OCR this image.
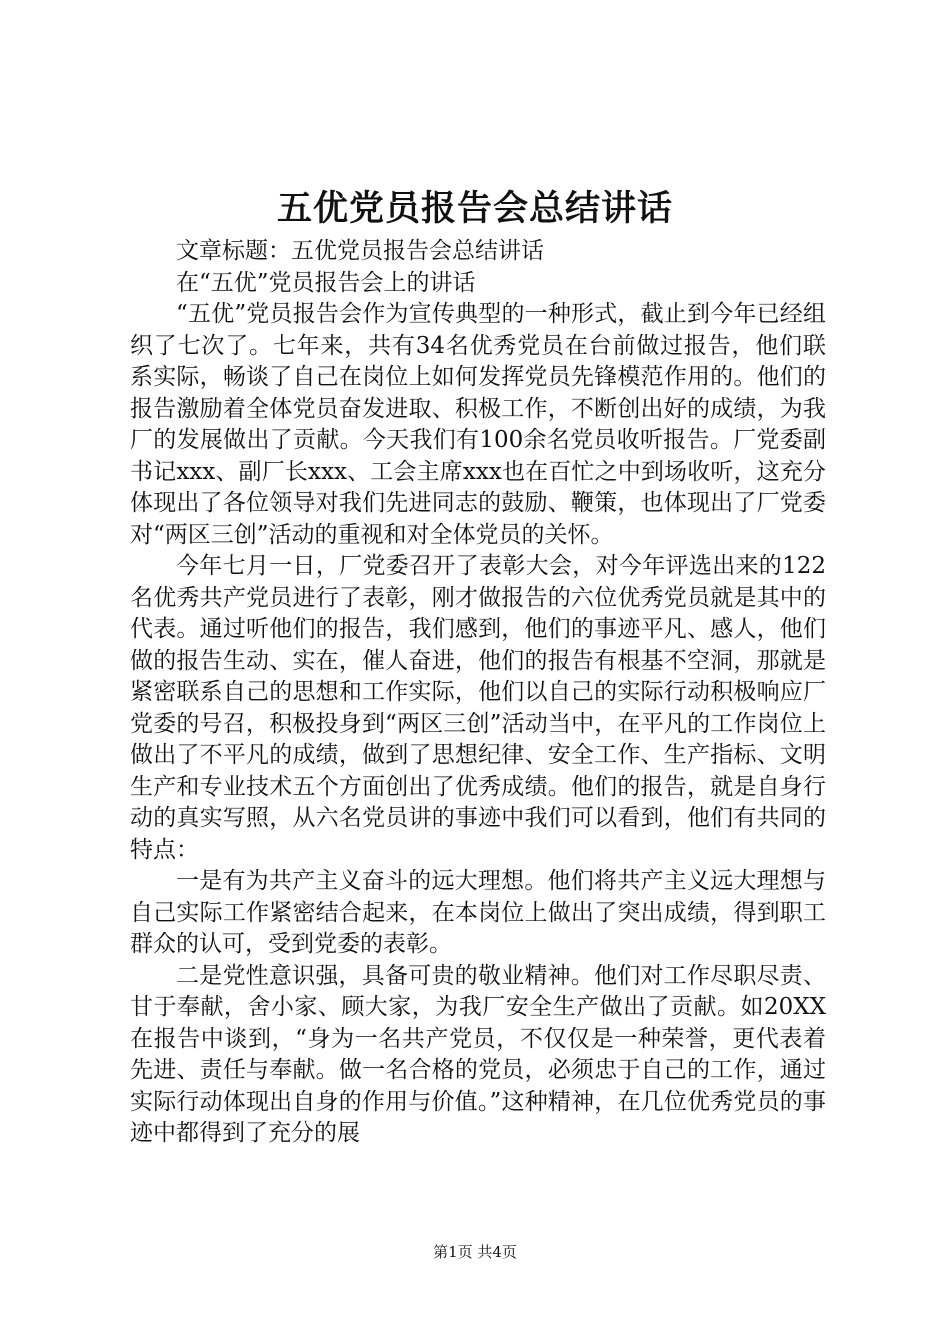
五优党员报告会总结讲话

文章标题：五优党员报告会总结讲话

在“五优”党员报告会上的讲话

“五优”党员报告会作为宣传典型的一种形式，截止到今年已经组织了七次了。七年来，共有34名优秀党员在台前做过报告，他们联系实际，畅谈了自己在岗位上如何发挥党员先锋模范作用的。他们的报告激励着全体党员奋发进取、积极工作，不断创出好的成绩，为我厂的发展做出了贡献。今天我们有100余名党员收听报告。厂党委副书记xxx、副厂长xxx、工会主席xxx也在百忙之中到场收听，这充分体现出了各位领导对我们先进同志的鼓励、鞭策，也体现出了厂党委对“两区三创”活动的重视和对全体党员的关怀。

今年七月一日，厂党委召开了表彰大会，对今年评选出来的122名优秀共产党员进行了表彰，刚才做报告的六位优秀党员就是其中的代表。通过听他们的报告，我们感到，他们的事迹平凡、感人，他们做的报告生动、实在，催人奋进，他们的报告有根基不空洞，那就是紧密联系自己的思想和工作实际，他们以自己的实际行动积极响应厂党委的号召，积极投身到“两区三创”活动当中，在平凡的工作岗位上做出了不平凡的成绩，做到了思想纪律、安全工作、生产指标、文明生产和专业技术五个方面创出了优秀成绩。他们的报告，就是自身行动的真实写照，从六名党员讲的事迹中我们可以看到，他们有共同的特点：

一是有为共产主义奋斗的远大理想。他们将共产主义远大理想与自己实际工作紧密结合起来，在本岗位上做出了突出成绩，得到职工群众的认可，受到党委的表彰。

二是党性意识强，具备可贵的敬业精神。他们对工作尽职尽责、甘于奉献，舍小家、顾大家，为我厂安全生产做出了贡献。如20XX在报告中谈到，“身为一名共产党员，不仅仅是一种荣誉，更代表着先进、责任与奉献。做一名合格的党员，必须忠于自己的工作，通过实际行动体现出自身的作用与价值。”这种精神，在几位优秀党员的事迹中都得到了充分的展

第1页 共4页
